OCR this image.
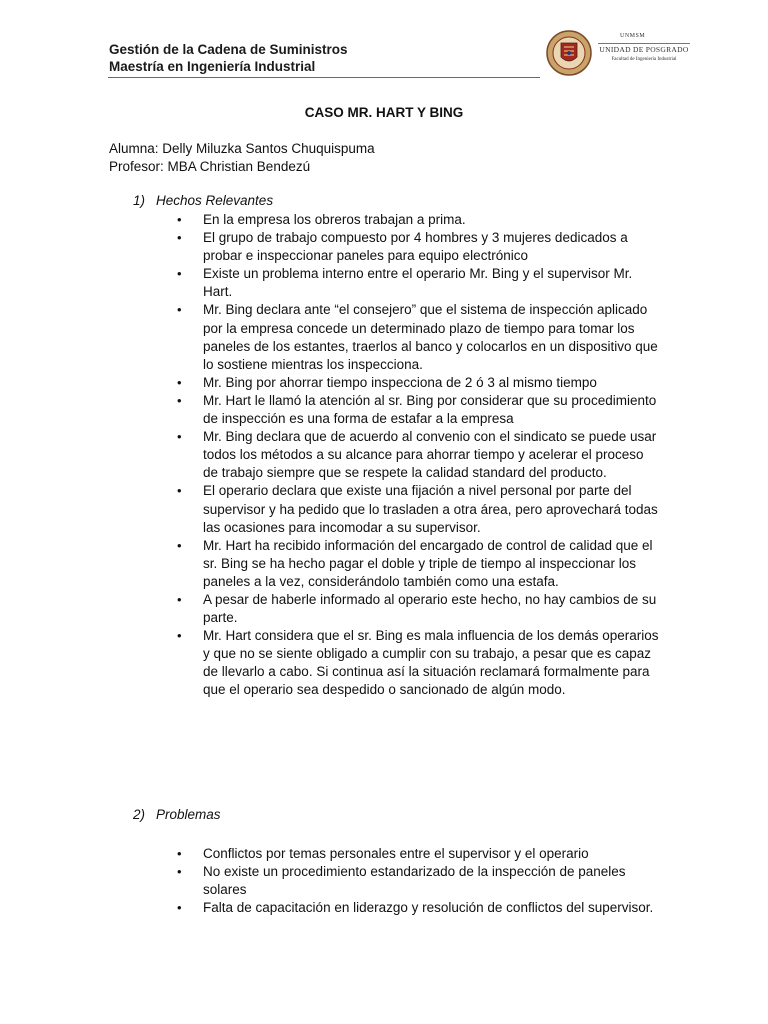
Gestión de la Cadena de Suministros
Maestría en Ingeniería Industrial
UNMSM
UNIDAD DE POSGRADO
Facultad de Ingeniería Industrial
CASO MR. HART Y BING
Alumna: Delly Miluzka Santos Chuquispuma
Profesor: MBA Christian Bendezú
1) Hechos Relevantes
• En la empresa los obreros trabajan a prima.
• El grupo de trabajo compuesto por 4 hombres y 3 mujeres dedicados a probar e inspeccionar paneles para equipo electrónico
• Existe un problema interno entre el operario Mr. Bing y el supervisor Mr. Hart.
• Mr. Bing declara ante “el consejero” que el sistema de inspección aplicado por la empresa concede un determinado plazo de tiempo para tomar los paneles de los estantes, traerlos al banco y colocarlos en un dispositivo que lo sostiene mientras los inspecciona.
• Mr. Bing por ahorrar tiempo inspecciona de 2 ó 3 al mismo tiempo
• Mr. Hart le llamó la atención al sr. Bing por considerar que su procedimiento de inspección es una forma de estafar a la empresa
• Mr. Bing declara que de acuerdo al convenio con el sindicato se puede usar todos los métodos a su alcance para ahorrar tiempo y acelerar el proceso de trabajo siempre que se respete la calidad standard del producto.
• El operario declara que existe una fijación a nivel personal por parte del supervisor y ha pedido que lo trasladen a otra área, pero aprovechará todas las ocasiones para incomodar a su supervisor.
• Mr. Hart ha recibido información del encargado de control de calidad que el sr. Bing se ha hecho pagar el doble y triple de tiempo al inspeccionar los paneles a la vez, considerándolo también como una estafa.
• A pesar de haberle informado al operario este hecho, no hay cambios de su parte.
• Mr. Hart considera que el sr. Bing es mala influencia de los demás operarios y que no se siente obligado a cumplir con su trabajo, a pesar que es capaz de llevarlo a cabo. Si continua así la situación reclamará formalmente para que el operario sea despedido o sancionado de algún modo.
2) Problemas
• Conflictos por temas personales entre el supervisor y el operario
• No existe un procedimiento estandarizado de la inspección de paneles solares
• Falta de capacitación en liderazgo y resolución de conflictos del supervisor.
